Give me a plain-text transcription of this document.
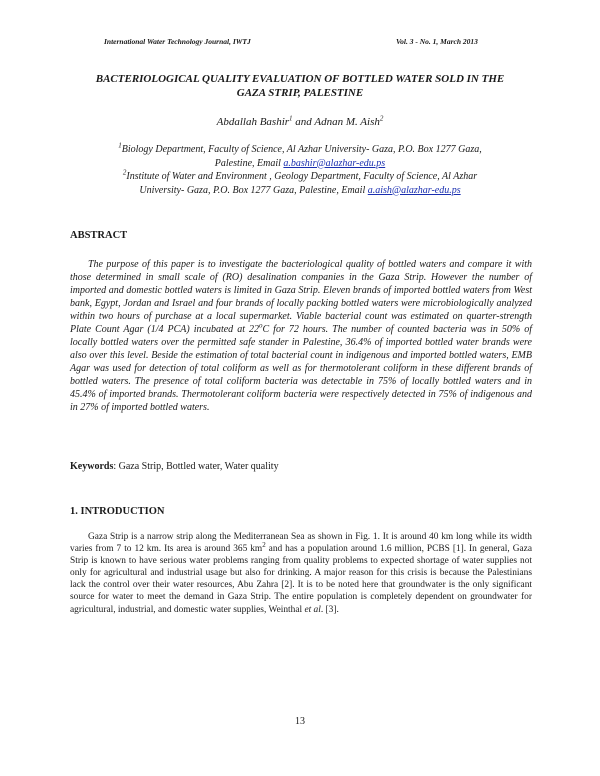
International Water Technology Journal, IWTJ	Vol. 3 - No. 1, March 2013
BACTERIOLOGICAL QUALITY EVALUATION OF BOTTLED WATER SOLD IN THE
GAZA STRIP, PALESTINE
Abdallah Bashir$^1$ and Adnan M. Aish$^2$
$^1$Biology Department, Faculty of Science, Al Azhar University- Gaza, P.O. Box 1277 Gaza,
Palestine, Email a.bashir@alazhar-edu.ps
$^2$Institute of Water and Environment , Geology Department, Faculty of Science, Al Azhar
University- Gaza, P.O. Box 1277 Gaza, Palestine, Email a.aish@alazhar-edu.ps
ABSTRACT

The purpose of this paper is to investigate the bacteriological quality of bottled waters and compare it with those determined in small scale of (RO) desalination companies in the Gaza Strip. However the number of imported and domestic bottled waters is limited in Gaza Strip. Eleven brands of imported bottled waters from West bank, Egypt, Jordan and Israel and four brands of locally packing bottled waters were microbiologically analyzed within two hours of purchase at a local supermarket. Viable bacterial count was estimated on quarter-strength Plate Count Agar (1/4 PCA) incubated at 22$^o$C for 72 hours. The number of counted bacteria was in 50% of locally bottled waters over the permitted safe stander in Palestine, 36.4% of imported bottled water brands were also over this level. Beside the estimation of total bacterial count in indigenous and imported bottled waters, EMB Agar was used for detection of total coliform as well as for thermotolerant coliform in these different brands of bottled waters. The presence of total coliform bacteria was detectable in 75% of locally bottled waters and in 45.4% of imported brands. Thermotolerant coliform bacteria were respectively detected in 75% of indigenous and in 27% of imported bottled waters.

Keywords: Gaza Strip, Bottled water, Water quality
1. INTRODUCTION

Gaza Strip is a narrow strip along the Mediterranean Sea as shown in Fig. 1. It is around 40 km long while its width varies from 7 to 12 km. Its area is around 365 $km^2$ and has a population around 1.6 million, PCBS [1]. In general, Gaza Strip is known to have serious water problems ranging from quality problems to expected shortage of water supplies not only for agricultural and industrial usage but also for drinking. A major reason for this crisis is because the Palestinians lack the control over their water resources, Abu Zahra [2]. It is to be noted here that groundwater is the only significant source for water to meet the demand in Gaza Strip. The entire population is completely dependent on groundwater for agricultural, industrial, and domestic water supplies, Weinthal et al. [3].

13
